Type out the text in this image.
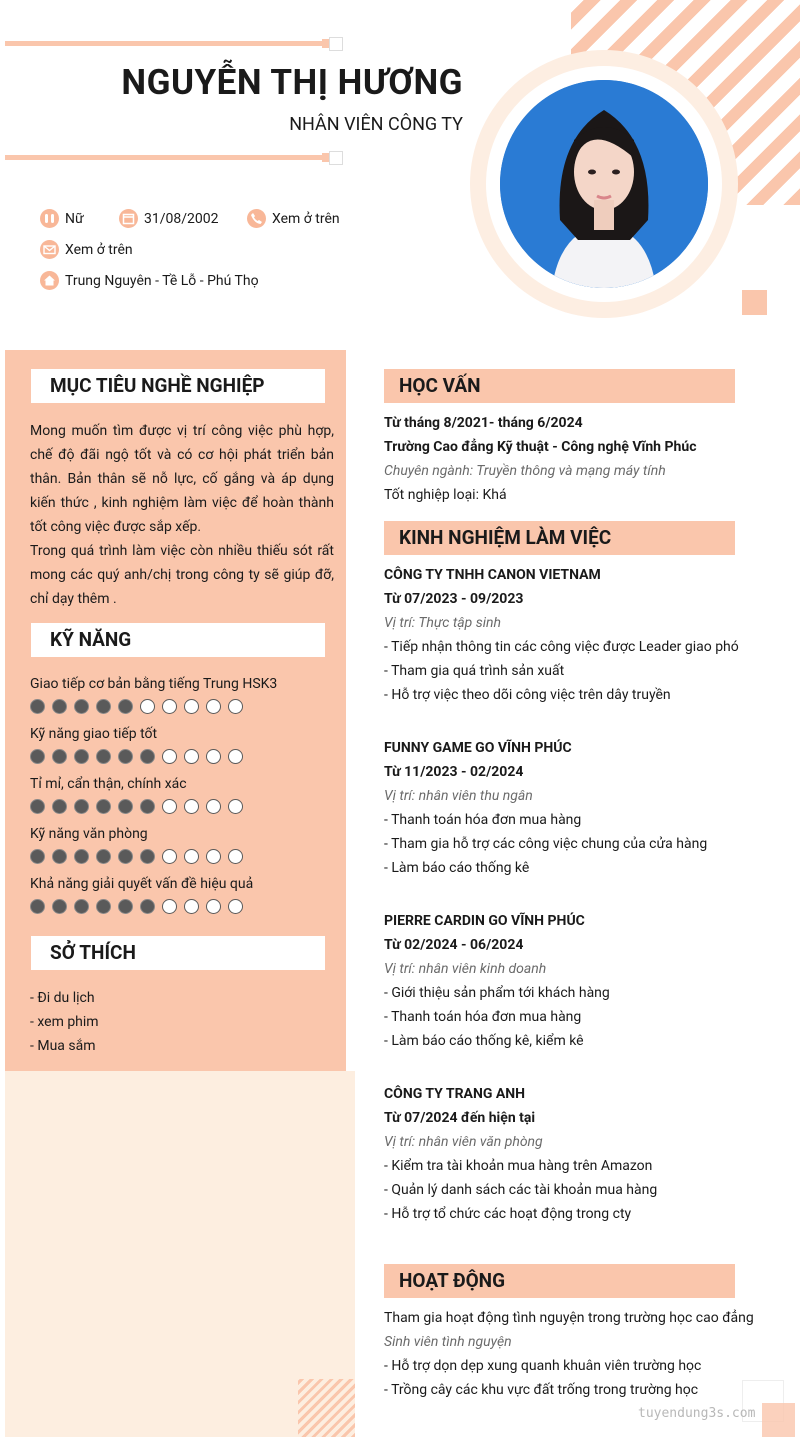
NGUYỄN THỊ HƯƠNG
NHÂN VIÊN CÔNG TY
Nữ	31/08/2002	Xem ở trên
Xem ở trên
Trung Nguyên - Tề Lỗ - Phú Thọ
MỤC TIÊU NGHỀ NGHIỆP
Mong muốn tìm được vị trí công việc phù hợp, chế độ đãi ngộ tốt và có cơ hội phát triển bản thân. Bản thân sẽ nỗ lực, cố gắng và áp dụng kiến thức , kinh nghiệm làm việc để hoàn thành tốt công việc được sắp xếp.
Trong quá trình làm việc còn nhiều thiếu sót rất mong các quý anh/chị trong công ty sẽ giúp đỡ, chỉ dạy thêm .
KỸ NĂNG
Giao tiếp cơ bản bằng tiếng Trung HSK3
Kỹ năng giao tiếp tốt
Tỉ mỉ, cẩn thận, chính xác
Kỹ năng văn phòng
Khả năng giải quyết vấn đề hiệu quả
SỞ THÍCH
- Đi du lịch
- xem phim
- Mua sắm
HỌC VẤN
Từ tháng 8/2021- tháng 6/2024
Trường Cao đẳng Kỹ thuật - Công nghệ Vĩnh Phúc
Chuyên ngành: Truyền thông và mạng máy tính
Tốt nghiệp loại: Khá
KINH NGHIỆM LÀM VIỆC
CÔNG TY TNHH CANON VIETNAM
Từ 07/2023 - 09/2023
Vị trí: Thực tập sinh
- Tiếp nhận thông tin các công việc được Leader giao phó
- Tham gia quá trình sản xuất
- Hỗ trợ việc theo dõi công việc trên dây truyền
FUNNY GAME GO VĨNH PHÚC
Từ 11/2023 - 02/2024
Vị trí: nhân viên thu ngân
- Thanh toán hóa đơn mua hàng
- Tham gia hỗ trợ các công việc chung của cửa hàng
- Làm báo cáo thống kê
PIERRE CARDIN GO VĨNH PHÚC
Từ 02/2024 - 06/2024
Vị trí: nhân viên kinh doanh
- Giới thiệu sản phẩm tới khách hàng
- Thanh toán hóa đơn mua hàng
- Làm báo cáo thống kê, kiểm kê
CÔNG TY TRANG ANH
Từ 07/2024 đến hiện tại
Vị trí: nhân viên văn phòng
- Kiểm tra tài khoản mua hàng trên Amazon
- Quản lý danh sách các tài khoản mua hàng
- Hỗ trợ tổ chức các hoạt động trong cty
HOẠT ĐỘNG
Tham gia hoạt động tình nguyện trong trường học cao đẳng
Sinh viên tình nguyện
- Hỗ trợ dọn dẹp xung quanh khuân viên trường học
- Trồng cây các khu vực đất trống trong trường học
tuyendung3s.com
